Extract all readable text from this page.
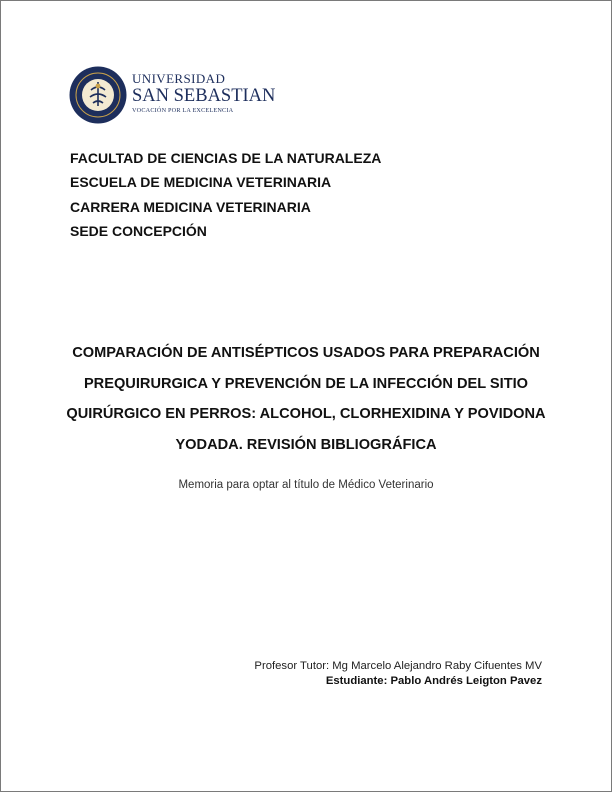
UNIVERSIDAD
SAN SEBASTIAN
VOCACIÓN POR LA EXCELENCIA
FACULTAD DE CIENCIAS DE LA NATURALEZA
ESCUELA DE MEDICINA VETERINARIA
CARRERA MEDICINA VETERINARIA
SEDE CONCEPCIÓN
COMPARACIÓN DE ANTISÉPTICOS USADOS PARA PREPARACIÓN
PREQUIRURGICA Y PREVENCIÓN DE LA INFECCIÓN DEL SITIO
QUIRÚRGICO EN PERROS: ALCOHOL, CLORHEXIDINA Y POVIDONA
YODADA. REVISIÓN BIBLIOGRÁFICA
Memoria para optar al título de Médico Veterinario
Profesor Tutor: Mg Marcelo Alejandro Raby Cifuentes MV
Estudiante: Pablo Andrés Leigton Pavez
